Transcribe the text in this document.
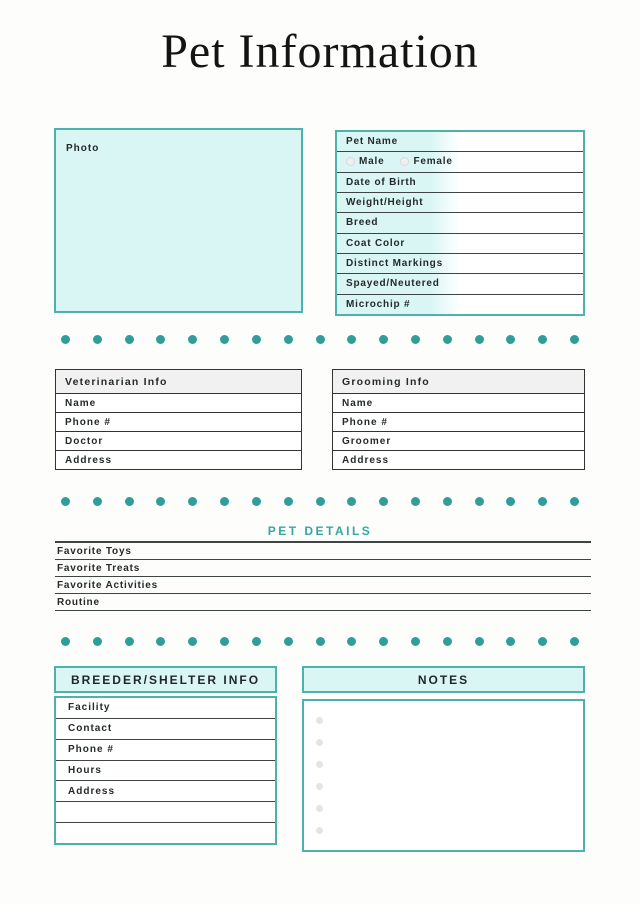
Pet Information
Photo
Pet Name
Male	Female
Date of Birth
Weight/Height
Breed
Coat Color
Distinct Markings
Spayed/Neutered
Microchip #
Veterinarian Info
Name
Phone #
Doctor
Address
Grooming Info
Name
Phone #
Groomer
Address
PET DETAILS
Favorite Toys
Favorite Treats
Favorite Activities
Routine
BREEDER/SHELTER INFO
Facility
Contact
Phone #
Hours
Address
NOTES
